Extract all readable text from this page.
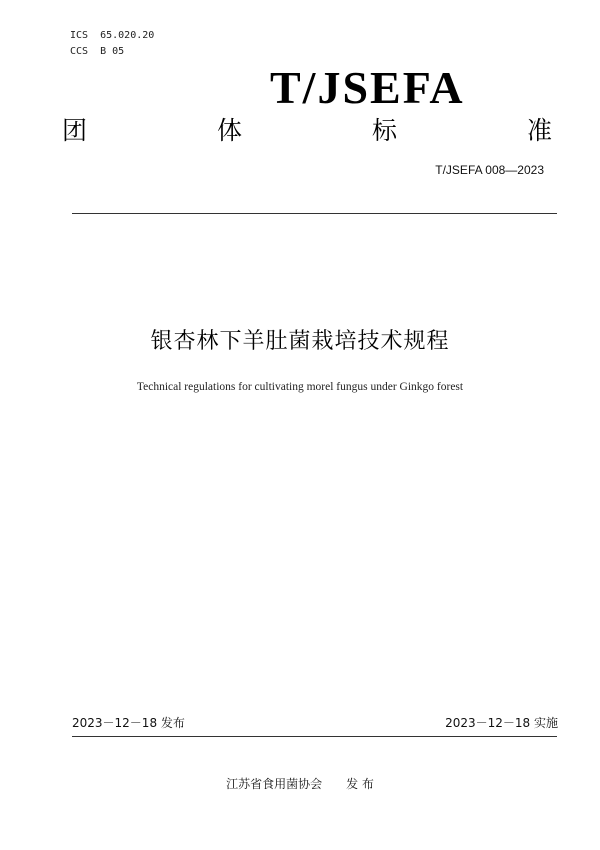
ICS  65.020.20
CCS  B 05
T/JSEFA
团	体	标	准
T/JSEFA 008—2023
银杏林下羊肚菌栽培技术规程
Technical regulations for cultivating morel fungus under Ginkgo forest
2023－12－18 发布	2023－12－18 实施
江苏省食用菌协会 发 布
